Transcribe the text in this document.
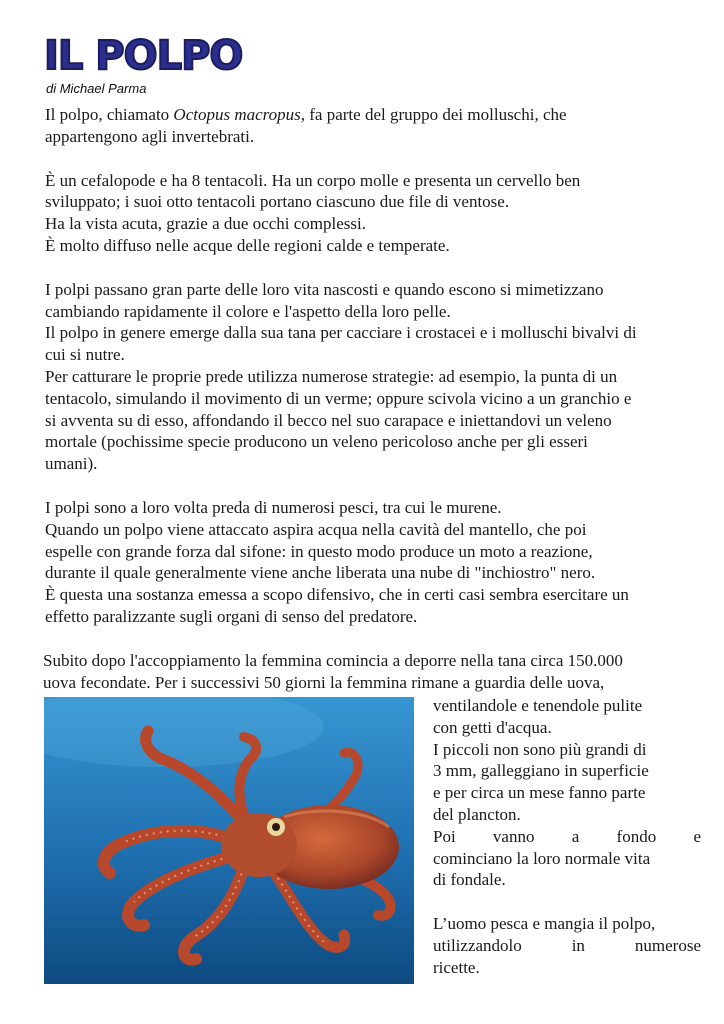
IL POLPO
di Michael Parma

Il polpo, chiamato Octopus macropus, fa parte del gruppo dei molluschi, che
appartengono agli invertebrati.

È un cefalopode e ha 8 tentacoli. Ha un corpo molle e presenta un cervello ben
sviluppato; i suoi otto tentacoli portano ciascuno due file di ventose.
Ha la vista acuta, grazie a due occhi complessi.
È molto diffuso nelle acque delle regioni calde e temperate.

I polpi passano gran parte delle loro vita nascosti e quando escono si mimetizzano
cambiando rapidamente il colore e l'aspetto della loro pelle.
Il polpo in genere emerge dalla sua tana per cacciare i crostacei e i molluschi bivalvi di
cui si nutre.
Per catturare le proprie prede utilizza numerose strategie: ad esempio, la punta di un
tentacolo, simulando il movimento di un verme; oppure scivola vicino a un granchio e
si avventa su di esso, affondando il becco nel suo carapace e iniettandovi un veleno
mortale (pochissime specie producono un veleno pericoloso anche per gli esseri
umani).

I polpi sono a loro volta preda di numerosi pesci, tra cui le murene.
Quando un polpo viene attaccato aspira acqua nella cavità del mantello, che poi
espelle con grande forza dal sifone: in questo modo produce un moto a reazione,
durante il quale generalmente viene anche liberata una nube di "inchiostro" nero.
È questa una sostanza emessa a scopo difensivo, che in certi casi sembra esercitare un
effetto paralizzante sugli organi di senso del predatore.

Subito dopo l'accoppiamento la femmina comincia a deporre nella tana circa 150.000
uova fecondate. Per i successivi 50 giorni la femmina rimane a guardia delle uova,
ventilandole e tenendole pulite
con getti d'acqua.
I piccoli non sono più grandi di
3 mm, galleggiano in superficie
e per circa un mese fanno parte
del plancton.
Poi vanno a fondo e
cominciano la loro normale vita
di fondale.
L’uomo pesca e mangia il polpo,
utilizzandolo in numerose
ricette.
